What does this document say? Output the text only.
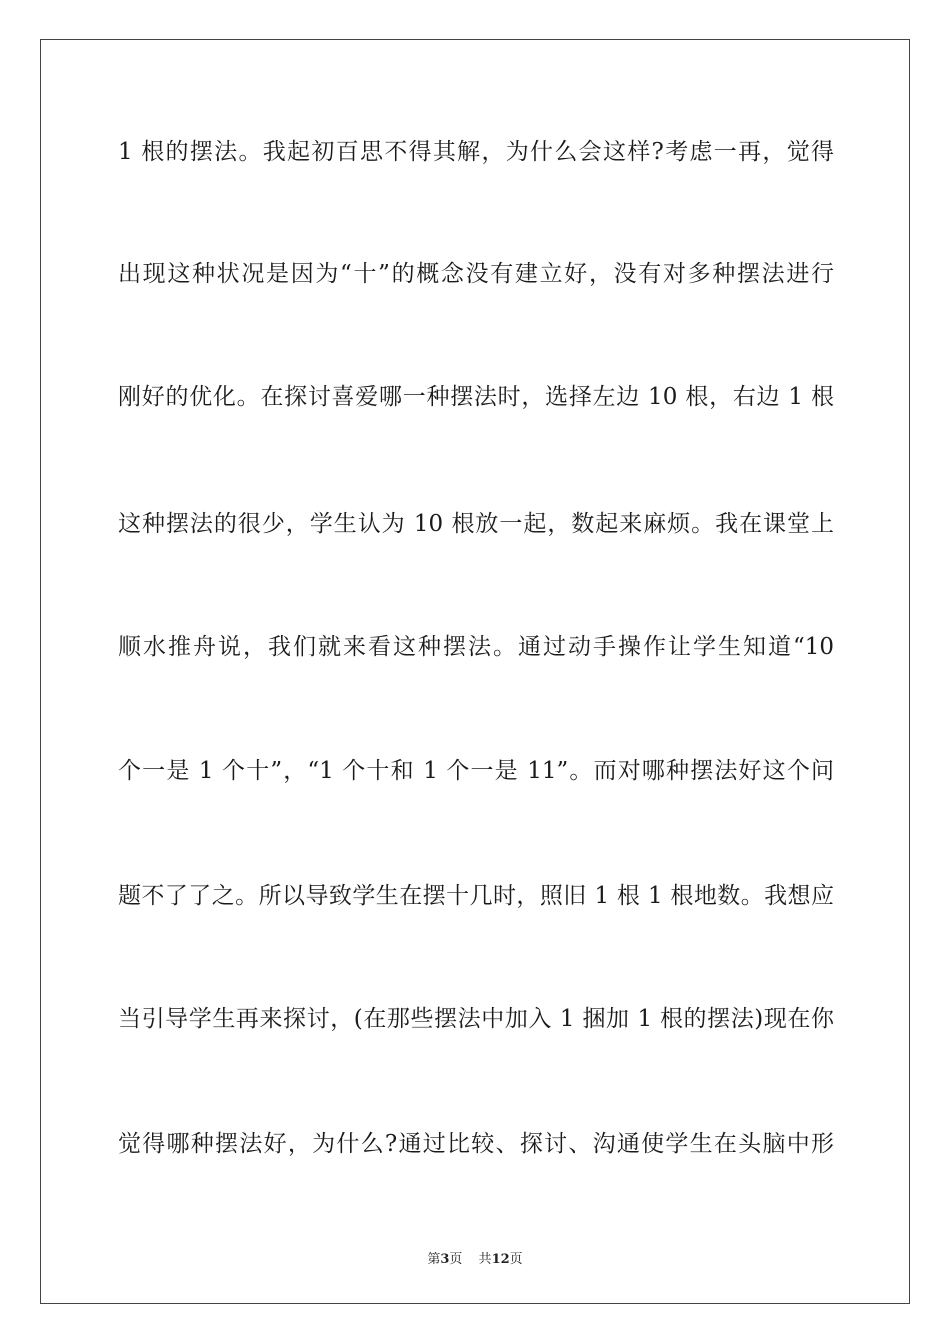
1 根的摆法。我起初百思不得其解，为什么会这样?考虑一再，觉得
出现这种状况是因为“十”的概念没有建立好，没有对多种摆法进行
刚好的优化。在探讨喜爱哪一种摆法时，选择左边 10 根，右边 1 根
这种摆法的很少，学生认为 10 根放一起，数起来麻烦。我在课堂上
顺水推舟说，我们就来看这种摆法。通过动手操作让学生知道“10
个一是 1 个十”，“1 个十和 1 个一是 11”。而对哪种摆法好这个问
题不了了之。所以导致学生在摆十几时，照旧 1 根 1 根地数。我想应
当引导学生再来探讨，(在那些摆法中加入 1 捆加 1 根的摆法)现在你
觉得哪种摆法好，为什么?通过比较、探讨、沟通使学生在头脑中形
第3页 共12页
